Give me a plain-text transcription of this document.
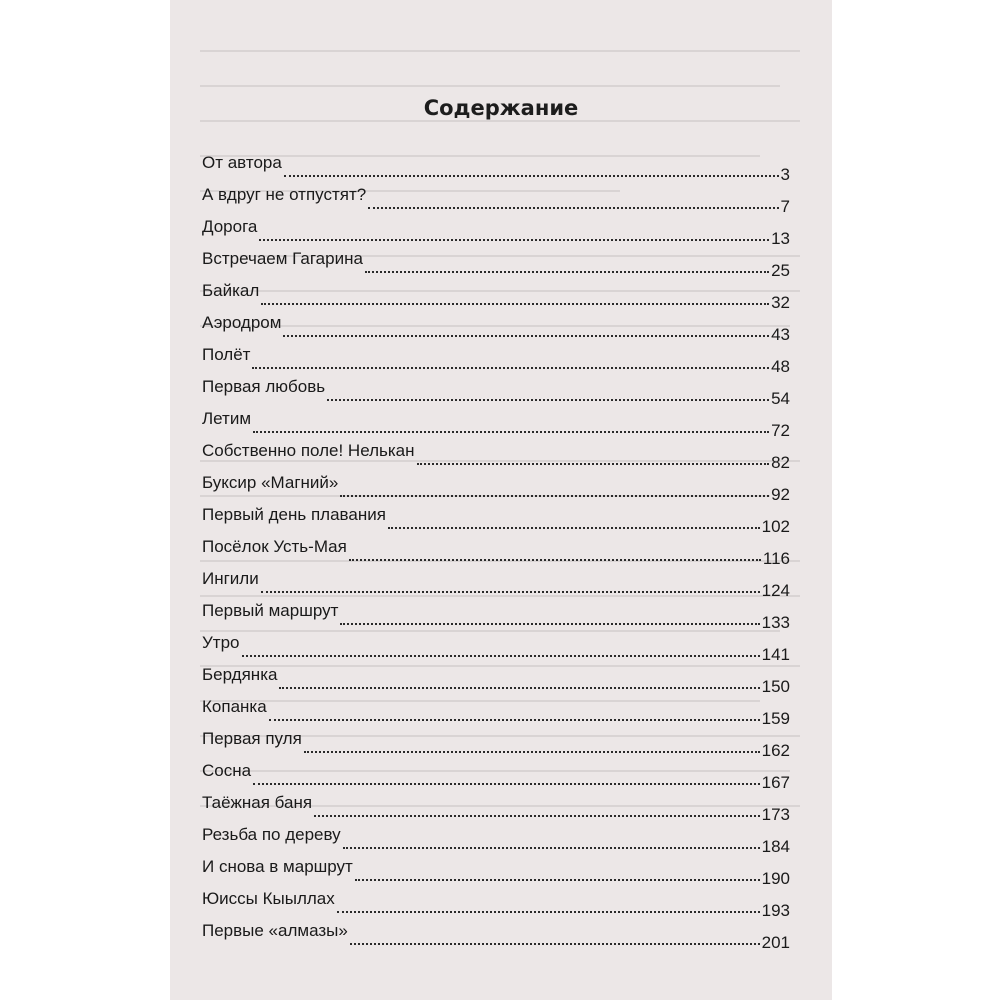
Содержание
От автора
3
А вдруг не отпустят?
7
Дорога
13
Встречаем Гагарина
25
Байкал
32
Аэродром
43
Полёт
48
Первая любовь
54
Летим
72
Собственно поле! Нелькан
82
Буксир «Магний»
92
Первый день плавания
102
Посёлок Усть-Мая
116
Ингили
124
Первый маршрут
133
Утро
141
Бердянка
150
Копанка
159
Первая пуля
162
Сосна
167
Таёжная баня
173
Резьба по дереву
184
И снова в маршрут
190
Юиссы Кыыллах
193
Первые «алмазы»
201
